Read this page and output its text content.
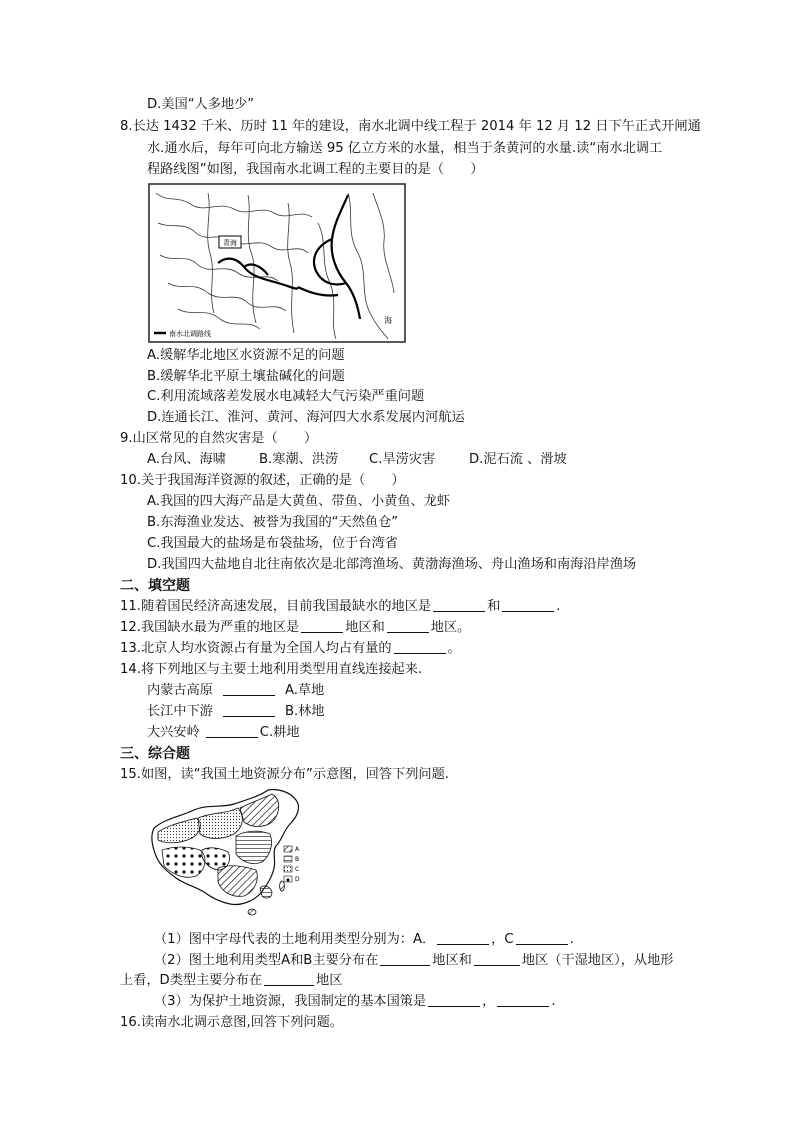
D.美国“人多地少”
8.长达 1432 千米、历时 11 年的建设，南水北调中线工程于 2014 年 12 月 12 日下午正式开闸通
水.通水后，每年可向北方输送 95 亿立方米的水量，相当于条黄河的水量.读“南水北调工
程路线图”如图，我国南水北调工程的主要目的是（　　）
青海
海
南水北调路线
A.缓解华北地区水资源不足的问题
B.缓解华北平原土壤盐碱化的问题
C.利用流域落差发展水电减轻大气污染严重问题
D.连通长江、淮河、黄河、海河四大水系发展内河航运
9.山区常见的自然灾害是（　　）
A.台风、海啸	B.寒潮、洪涝 C.旱涝灾害	D.泥石流 、滑坡
10.关于我国海洋资源的叙述，正确的是（　　）
A.我国的四大海产品是大黄鱼、带鱼、小黄鱼、龙虾
B.东海渔业发达、被誉为我国的“天然鱼仓”
C.我国最大的盐场是布袋盐场，位于台湾省
D.我国四大盐地自北往南依次是北部湾渔场、黄渤海渔场、舟山渔场和南海沿岸渔场
二、填空题
11.随着国民经济高速发展，目前我国最缺水的地区是	和	.
12.我国缺水最为严重的地区是	地区和	地区。
13.北京人均水资源占有量为全国人均占有量的	。
14.将下列地区与主要土地利用类型用直线连接起来.
内蒙古高原	A.草地
长江中下游	B.林地
大兴安岭	C.耕地
三、综合题
15.如图，读“我国土地资源分布”示意图，回答下列问题.
A
B
C
D
（1）图中字母代表的土地利用类型分别为：A．	，C	.
（2）图土地利用类型A和B主要分布在	地区和	地区（干湿地区），从地形
上看，D类型主要分布在	地区
（3）为保护土地资源，我国制定的基本国策是	，	.
16.读南水北调示意图,回答下列问题。
